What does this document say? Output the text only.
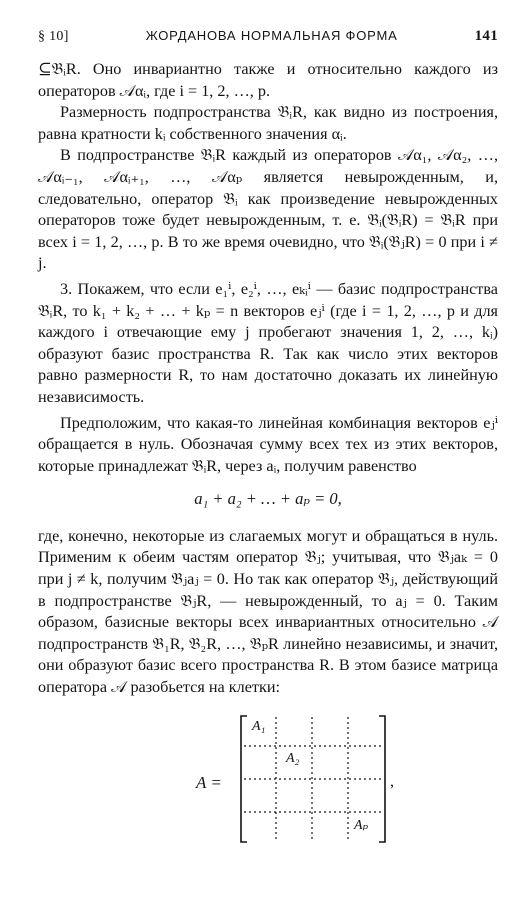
§ 10]	ЖОРДАНОВА НОРМАЛЬНАЯ ФОРМА	141

⊆𝔅ᵢR. Оно инвариантно также и относительно каждого из операторов 𝒜αᵢ, где i = 1, 2, …, p.

Размерность подпространства 𝔅ᵢR, как видно из построения, равна кратности kᵢ собственного значения αᵢ.

В подпространстве 𝔅ᵢR каждый из операторов 𝒜α₁, 𝒜α₂, …, 𝒜αᵢ₋₁, 𝒜αᵢ₊₁, …, 𝒜αₚ является невырожденным, и, следовательно, оператор 𝔅ᵢ как произведение невырожденных операторов тоже будет невырожденным, т. е. 𝔅ᵢ(𝔅ᵢR) = 𝔅ᵢR при всех i = 1, 2, …, p. В то же время очевидно, что 𝔅ᵢ(𝔅ⱼR) = 0 при i ≠ j.

3. Покажем, что если e₁ⁱ, e₂ⁱ, …, eₖᵢⁱ — базис подпространства 𝔅ᵢR, то k₁ + k₂ + … + kₚ = n векторов eⱼⁱ (где i = 1, 2, …, p и для каждого i отвечающие ему j пробегают значения 1, 2, …, kᵢ) образуют базис пространства R. Так как число этих векторов равно размерности R, то нам достаточно доказать их линейную независимость.

Предположим, что какая-то линейная комбинация векторов eⱼⁱ обращается в нуль. Обозначая сумму всех тех из этих векторов, которые принадлежат 𝔅ᵢR, через aᵢ, получим равенство

a₁ + a₂ + … + aₚ = 0,

где, конечно, некоторые из слагаемых могут и обращаться в нуль. Применим к обеим частям оператор 𝔅ⱼ; учитывая, что 𝔅ⱼaₖ = 0 при j ≠ k, получим 𝔅ⱼaⱼ = 0. Но так как оператор 𝔅ⱼ, действующий в подпространстве 𝔅ⱼR, — невырожденный, то aⱼ = 0. Таким образом, базисные векторы всех инвариантных относительно 𝒜 подпространств 𝔅₁R, 𝔅₂R, …, 𝔅ₚR линейно независимы, и значит, они образуют базис всего пространства R. В этом базисе матрица оператора 𝒜 разобьется на клетки:

A =
A₁
A₂
Aₚ
,
